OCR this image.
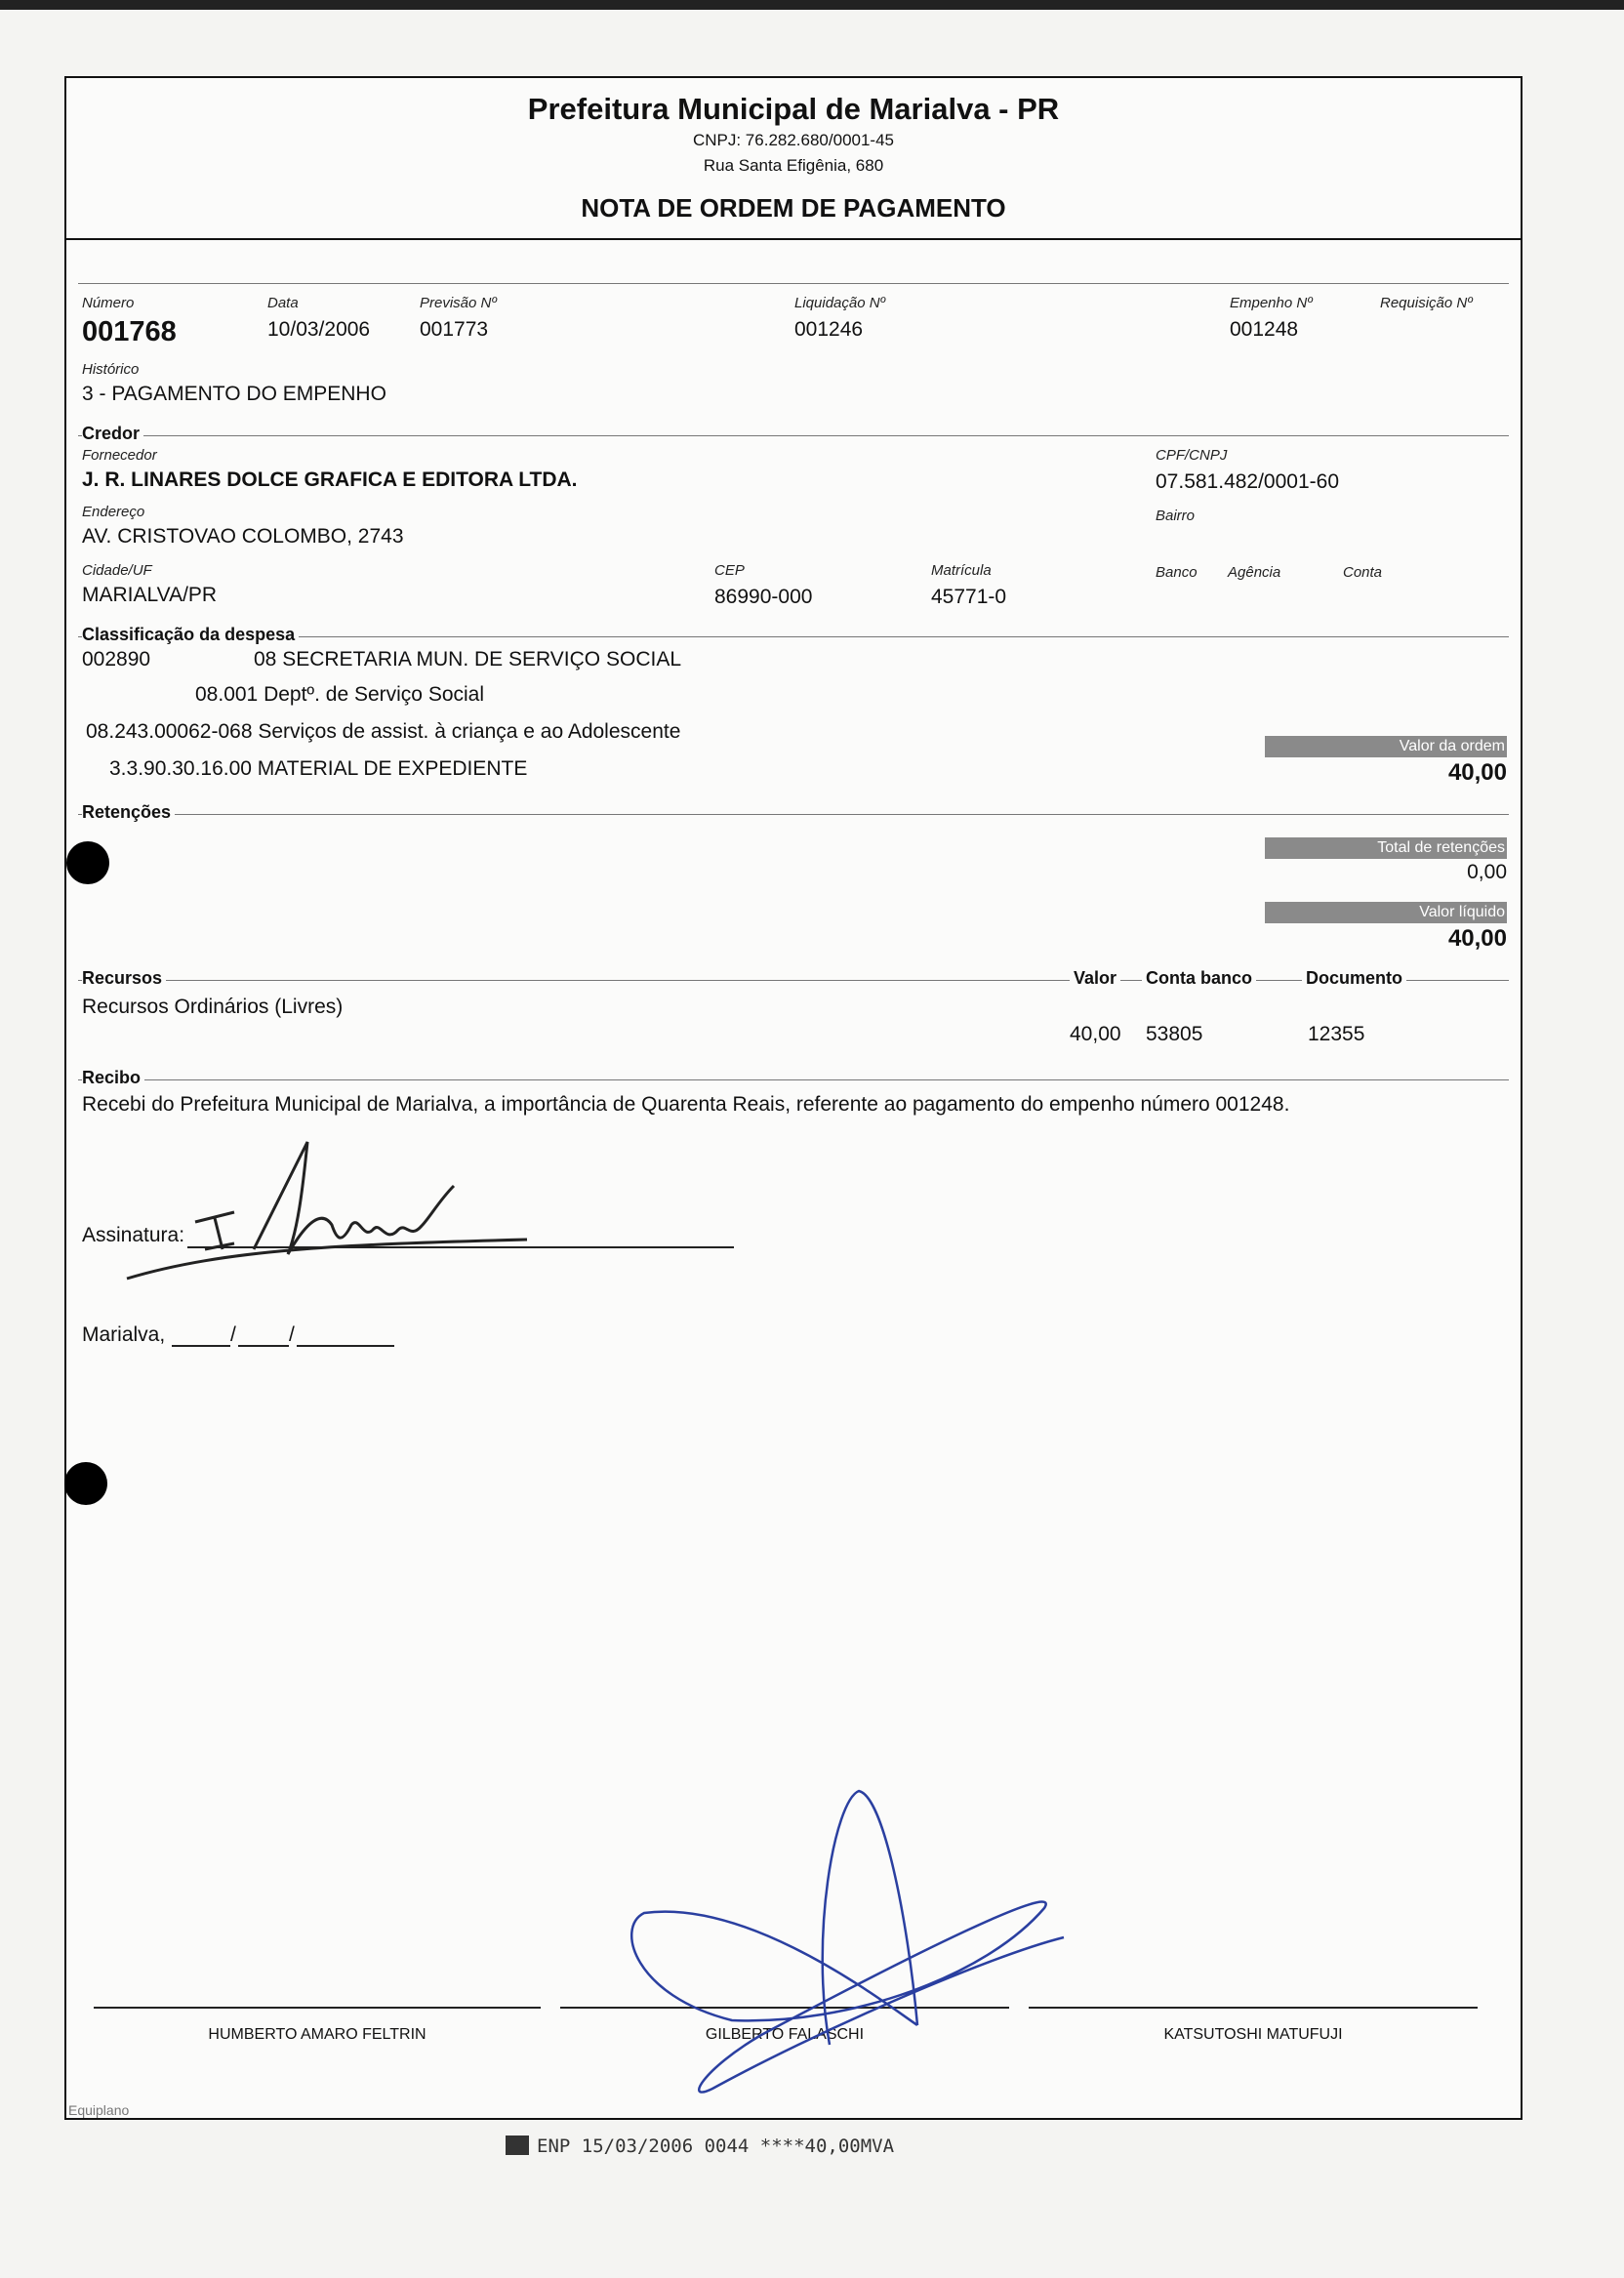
Prefeitura Municipal de Marialva - PR
CNPJ: 76.282.680/0001-45
Rua Santa Efigênia, 680
NOTA DE ORDEM DE PAGAMENTO
Número
001768
Data
10/03/2006
Previsão Nº
001773
Liquidação Nº
001246
Empenho Nº
001248
Requisição Nº
Histórico
3 - PAGAMENTO DO EMPENHO
Credor
Fornecedor
J. R. LINARES DOLCE GRAFICA E EDITORA LTDA.
CPF/CNPJ
07.581.482/0001-60
Endereço
AV. CRISTOVAO COLOMBO, 2743
Bairro
Cidade/UF
MARIALVA/PR
CEP
86990-000
Matrícula
45771-0
Banco Agência	Conta
Classificação da despesa
002890	08 SECRETARIA MUN. DE SERVIÇO SOCIAL
08.001 Deptº. de Serviço Social
08.243.00062-068 Serviços de assist. à criança e ao Adolescente
3.3.90.30.16.00 MATERIAL DE EXPEDIENTE
Valor da ordem
40,00
Retenções
Total de retenções
0,00
Valor líquido
40,00
Recursos	Valor Conta banco	Documento
Recursos Ordinários (Livres)
40,00 53805	12355
Recibo
Recebi do Prefeitura Municipal de Marialva, a importância de Quarenta Reais, referente ao pagamento do empenho número 001248.
Assinatura:
Marialva,	/	/
HUMBERTO AMARO FELTRIN	GILBERTO FALASCHI	KATSUTOSHI MATUFUJI
Equiplano
ENP 15/03/2006 0044 ****40,00MVA
